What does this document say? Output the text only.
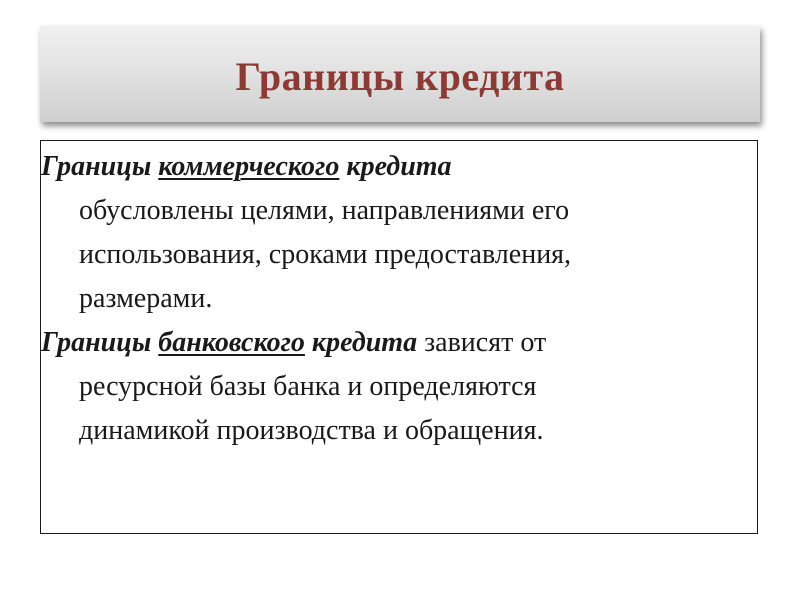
Границы кредита
Границы коммерческого кредита
обусловлены целями, направлениями его
использования, сроками предоставления,
размерами.
Границы банковского кредита зависят от
ресурсной базы банка и определяются
динамикой производства и обращения.
